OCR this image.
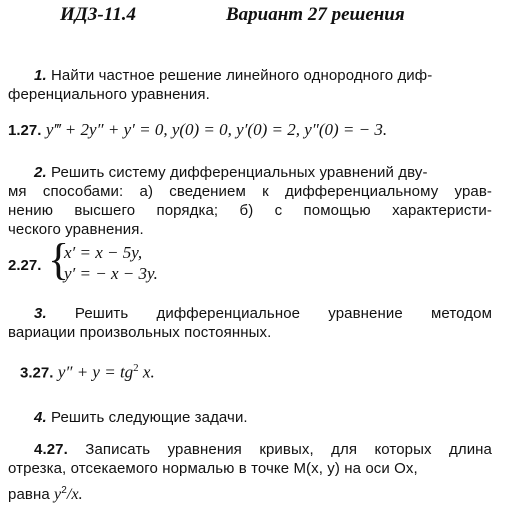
ИДЗ-11.4	Вариант 27 решения
1. Найти частное решение линейного однородного диф-
ференциального уравнения.
1.27. y‴ + 2y″ + y′ = 0, y(0) = 0, y′(0) = 2, y″(0) = − 3.
2. Решить систему дифференциальных уравнений дву-
мя способами: а) сведением к дифференциальному урав-
нению высшего порядка; б) с помощью характеристи-
ческого уравнения.
2.27. {
x′ = x − 5y,
y′ = − x − 3y.
3. Решить дифференциальное уравнение методом
вариации произвольных постоянных.
3.27. $y'' + y = tg^2$ x.
4. Решить следующие задачи.
4.27. Записать уравнения кривых, для которых длина
отрезка, отсекаемого нормалью в точке M(x, y) на оси Ox,
равна $y^2/x$.
